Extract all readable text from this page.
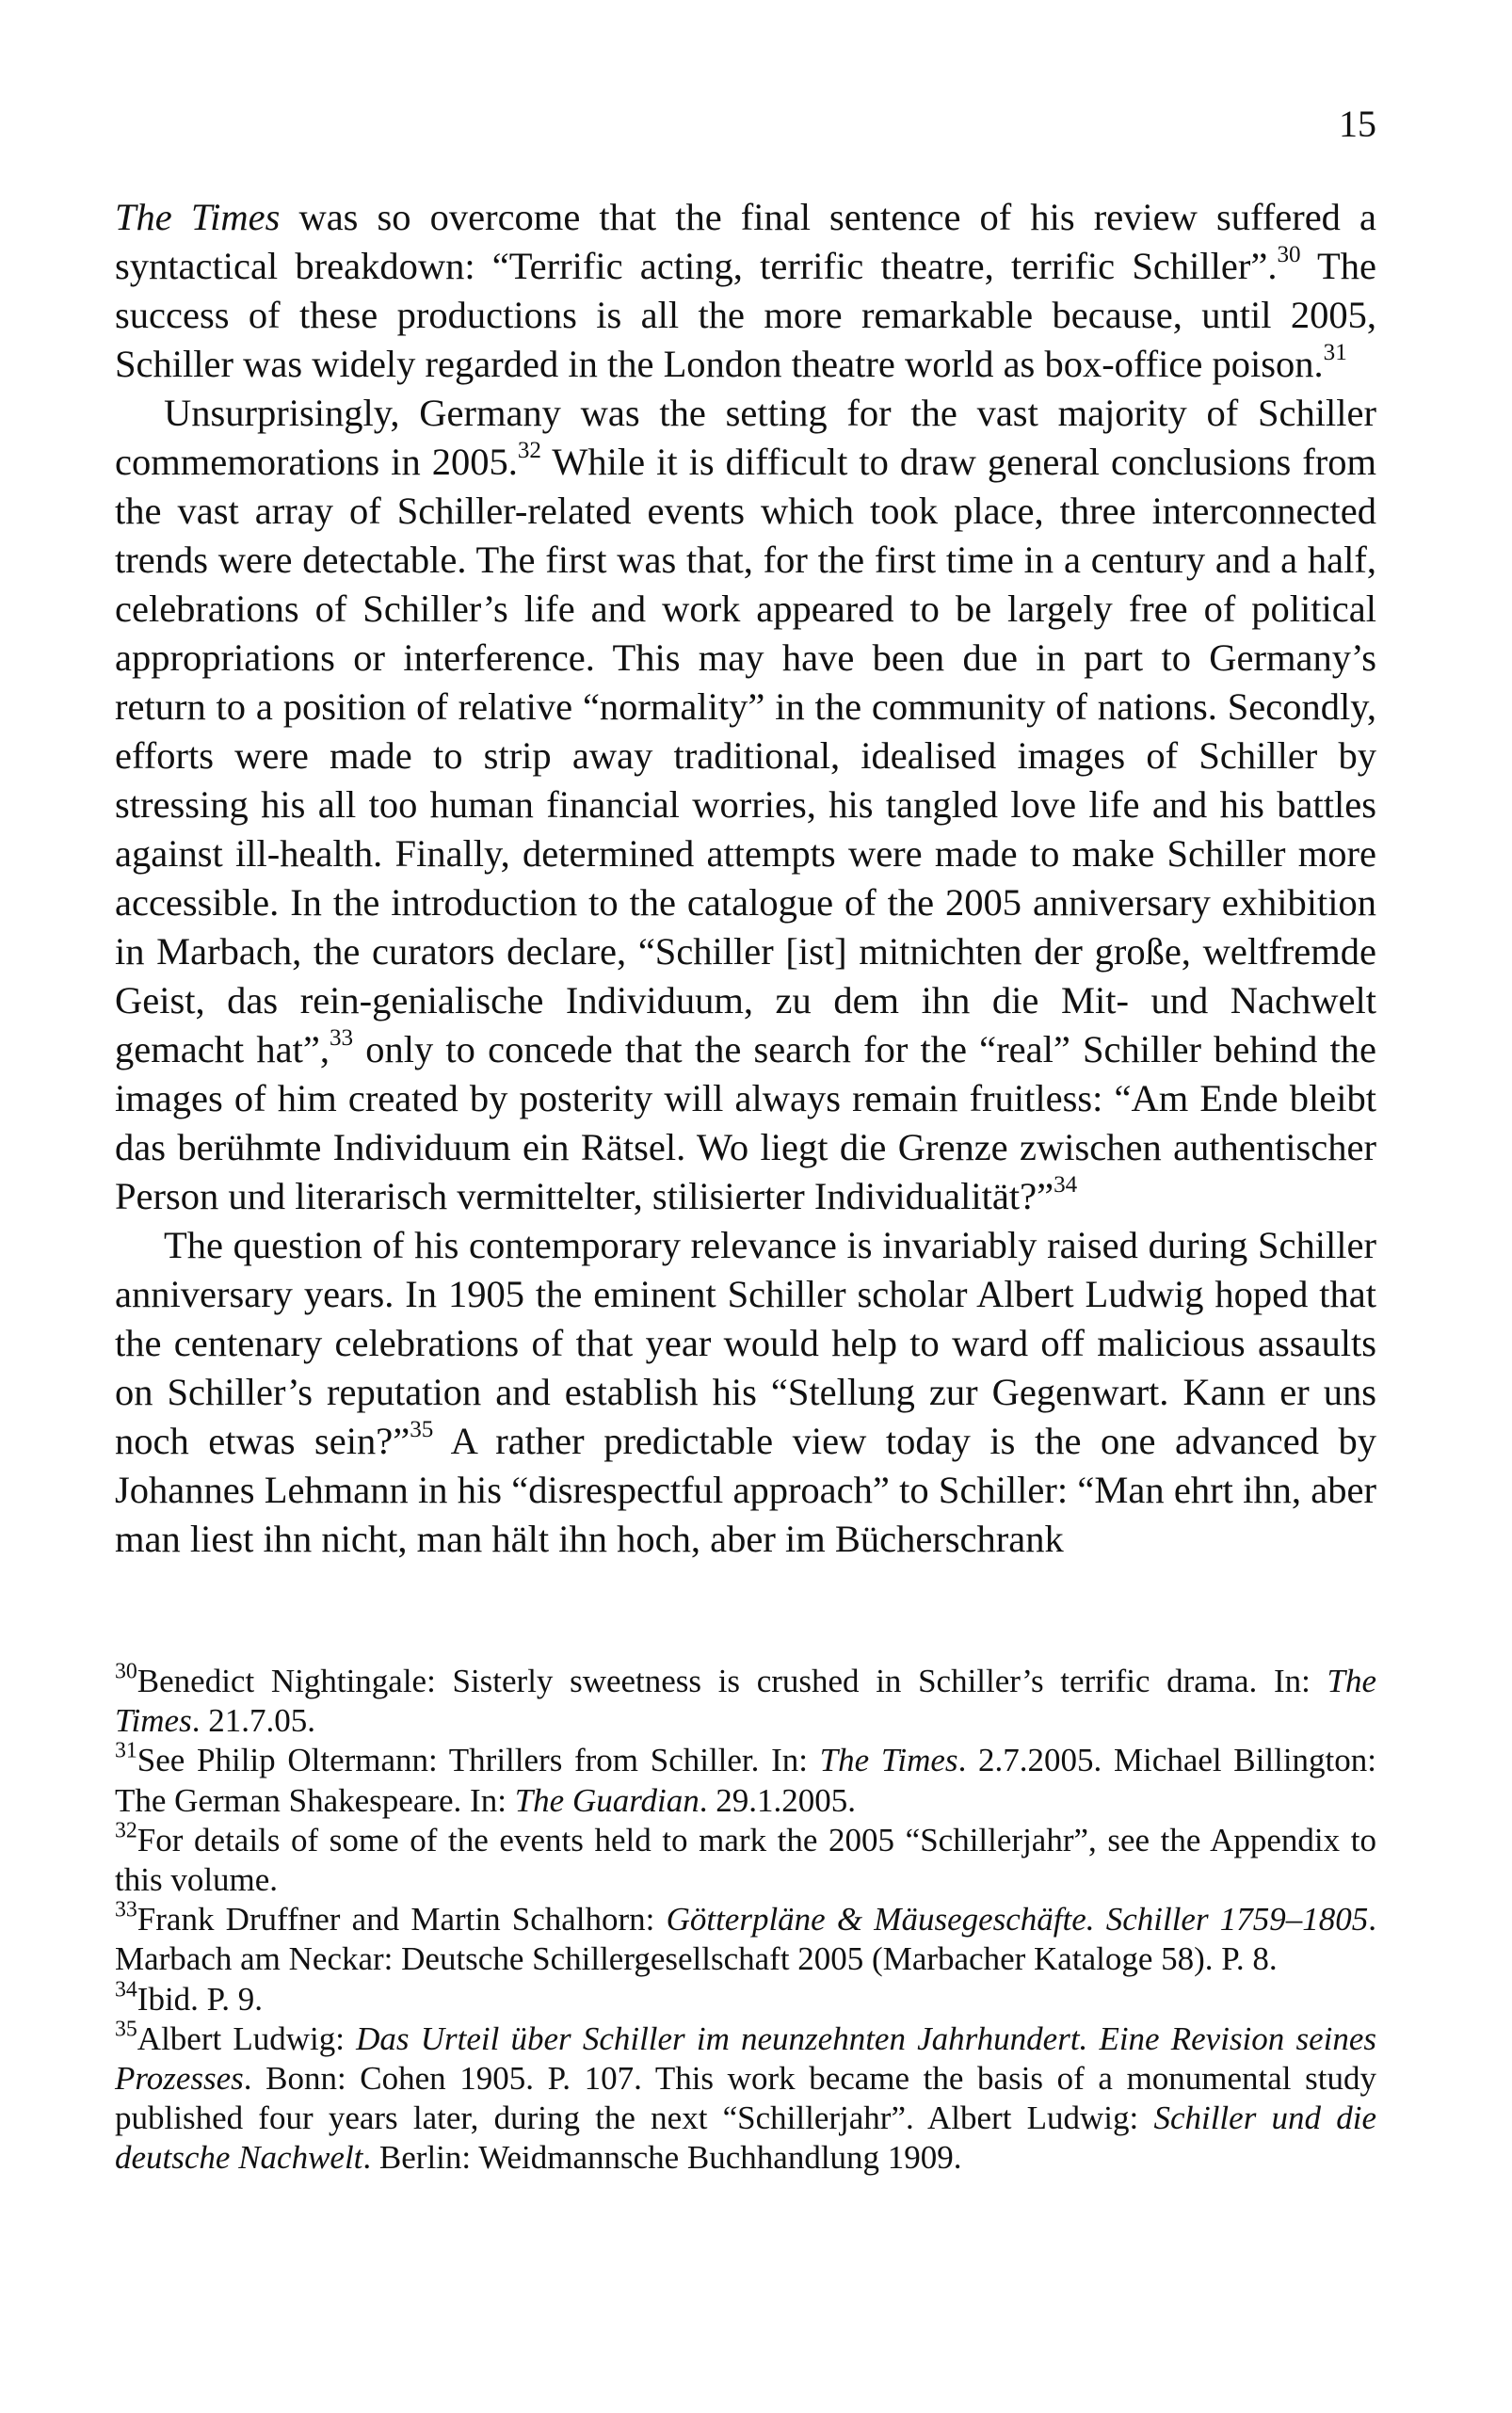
15

The Times was so overcome that the final sentence of his review suffered a syntactical breakdown: “Terrific acting, terrific theatre, terrific Schiller”.$^{30}$ The success of these productions is all the more remarkable because, until 2005, Schiller was widely regarded in the London theatre world as box-office poison.$^{31}$

Unsurprisingly, Germany was the setting for the vast majority of Schiller commemorations in 2005.32 While it is difficult to draw general conclusions from the vast array of Schiller-related events which took place, three interconnected trends were detectable. The first was that, for the first time in a century and a half, celebrations of Schiller’s life and work appeared to be largely free of political appropriations or interference. This may have been due in part to Germany’s return to a position of relative “normality” in the community of nations. Secondly, efforts were made to strip away traditional, idealised images of Schiller by stressing his all too human financial worries, his tangled love life and his battles against ill-health. Finally, determined attempts were made to make Schiller more accessible. In the introduction to the catalogue of the 2005 anniversary exhibition in Marbach, the curators declare, “Schiller [ist] mitnichten der große, weltfremde Geist, das rein-genialische Individuum, zu dem ihn die Mit- und Nachwelt gemacht hat”,$^{33}$ only to concede that the search for the “real” Schiller behind the images of him created by posterity will always remain fruitless: “Am Ende bleibt das berühmte Individuum ein Rätsel. Wo liegt die Grenze zwischen authentischer Person und literarisch vermittelter, stilisierter Individualität?”$^{34}$

The question of his contemporary relevance is invariably raised during Schiller anniversary years. In 1905 the eminent Schiller scholar Albert Ludwig hoped that the centenary celebrations of that year would help to ward off malicious assaults on Schiller’s reputation and establish his “Stellung zur Gegenwart. Kann er uns noch etwas sein?”$^{35}$ A rather predictable view today is the one advanced by Johannes Lehmann in his “disrespectful approach” to Schiller: “Man ehrt ihn, aber man liest ihn nicht, man hält ihn hoch, aber im Bücherschrank

$^{30}$Benedict Nightingale: Sisterly sweetness is crushed in Schiller’s terrific drama. In: The Times. 21.7.05.

$^{31}$See Philip Oltermann: Thrillers from Schiller. In: The Times. 2.7.2005. Michael Billington: The German Shakespeare. In: The Guardian. 29.1.2005.

$^{32}$For details of some of the events held to mark the 2005 “Schillerjahr”, see the Appendix to this volume.

$^{33}$Frank Druffner and Martin Schalhorn: Götterpläne & Mäusegeschäfte. Schiller 1759–1805. Marbach am Neckar: Deutsche Schillergesellschaft 2005 (Marbacher Kataloge 58). P. 8.

$^{34}$Ibid. P. 9.

$^{35}$Albert Ludwig: Das Urteil über Schiller im neunzehnten Jahrhundert. Eine Revision seines Prozesses. Bonn: Cohen 1905. P. 107. This work became the basis of a monumental study published four years later, during the next “Schillerjahr”. Albert Ludwig: Schiller und die deutsche Nachwelt. Berlin: Weidmannsche Buchhandlung 1909.
